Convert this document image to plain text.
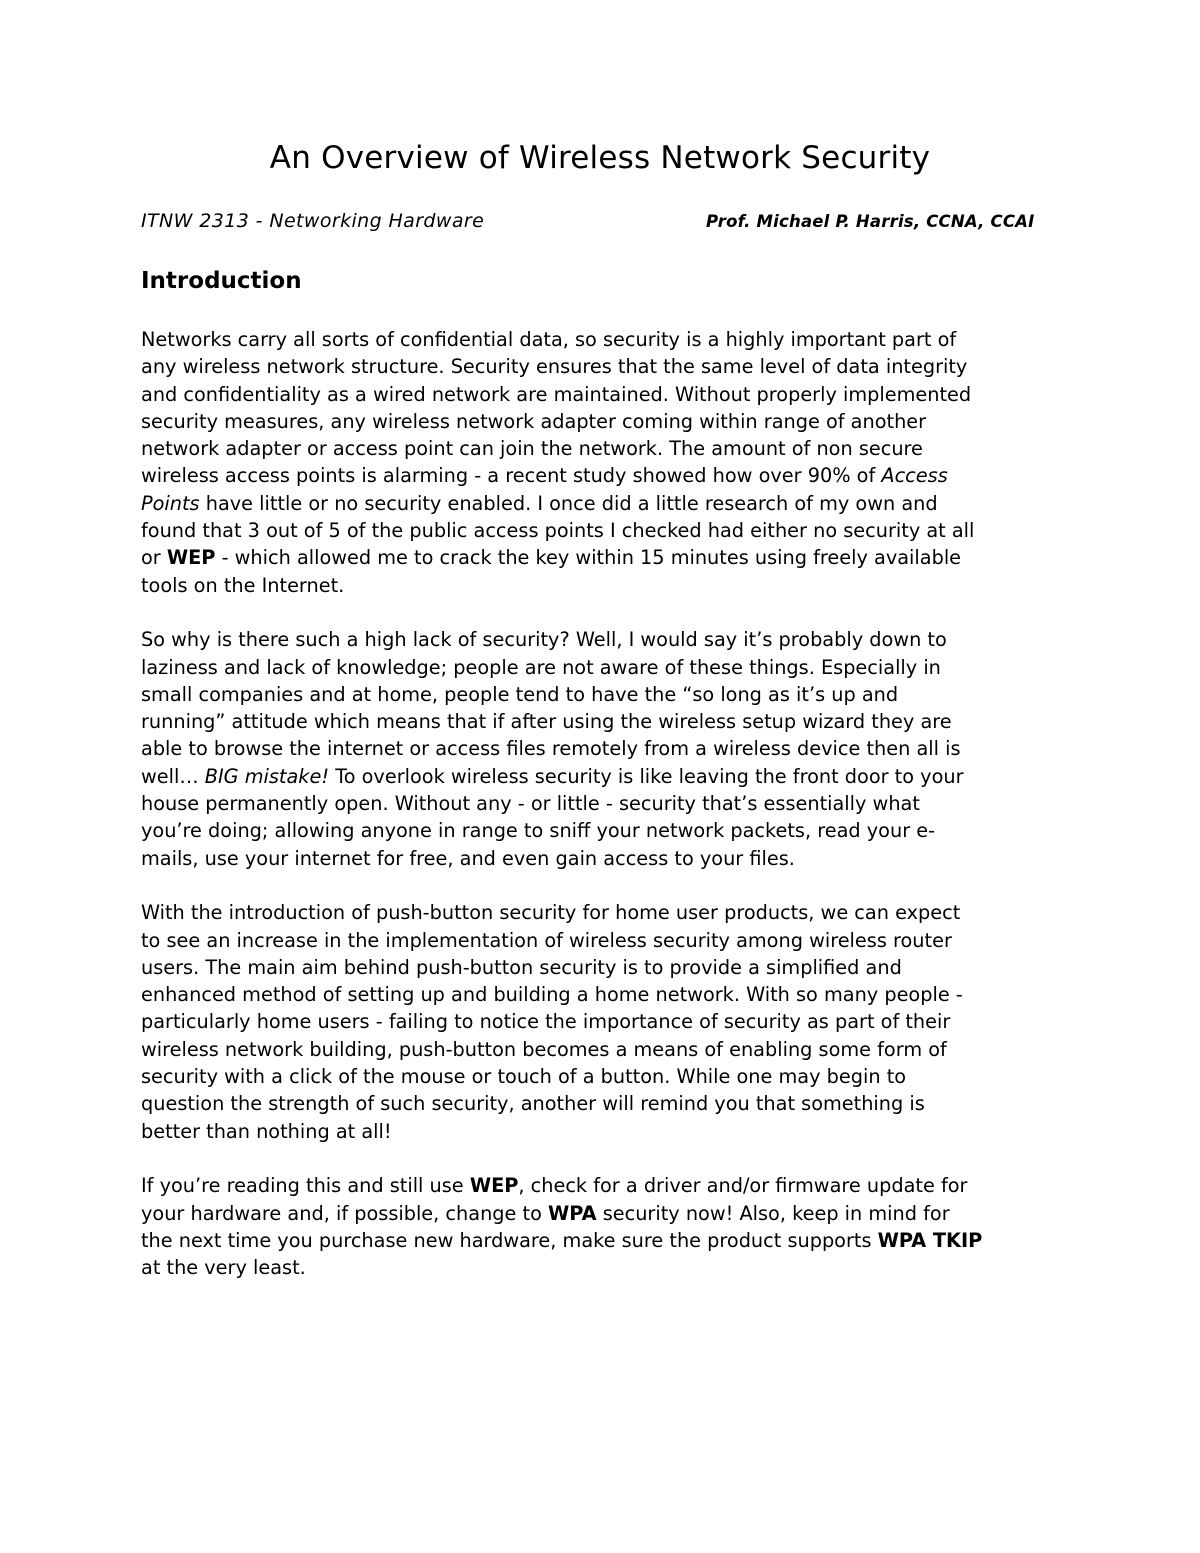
An Overview of Wireless Network Security
ITNW 2313 - Networking Hardware	Prof. Michael P. Harris, CCNA, CCAI
Introduction

Networks carry all sorts of confidential data, so security is a highly important part of
any wireless network structure. Security ensures that the same level of data integrity
and confidentiality as a wired network are maintained. Without properly implemented
security measures, any wireless network adapter coming within range of another
network adapter or access point can join the network. The amount of non secure
wireless access points is alarming - a recent study showed how over 90% of Access
Points have little or no security enabled. I once did a little research of my own and
found that 3 out of 5 of the public access points I checked had either no security at all
or WEP - which allowed me to crack the key within 15 minutes using freely available
tools on the Internet.

So why is there such a high lack of security? Well, I would say it’s probably down to
laziness and lack of knowledge; people are not aware of these things. Especially in
small companies and at home, people tend to have the “so long as it’s up and
running” attitude which means that if after using the wireless setup wizard they are
able to browse the internet or access files remotely from a wireless device then all is
well… BIG mistake! To overlook wireless security is like leaving the front door to your
house permanently open. Without any - or little - security that’s essentially what
you’re doing; allowing anyone in range to sniff your network packets, read your e-
mails, use your internet for free, and even gain access to your files.

With the introduction of push-button security for home user products, we can expect
to see an increase in the implementation of wireless security among wireless router
users. The main aim behind push-button security is to provide a simplified and
enhanced method of setting up and building a home network. With so many people -
particularly home users - failing to notice the importance of security as part of their
wireless network building, push-button becomes a means of enabling some form of
security with a click of the mouse or touch of a button. While one may begin to
question the strength of such security, another will remind you that something is
better than nothing at all!

If you’re reading this and still use WEP, check for a driver and/or firmware update for
your hardware and, if possible, change to WPA security now! Also, keep in mind for
the next time you purchase new hardware, make sure the product supports WPA TKIP
at the very least.
